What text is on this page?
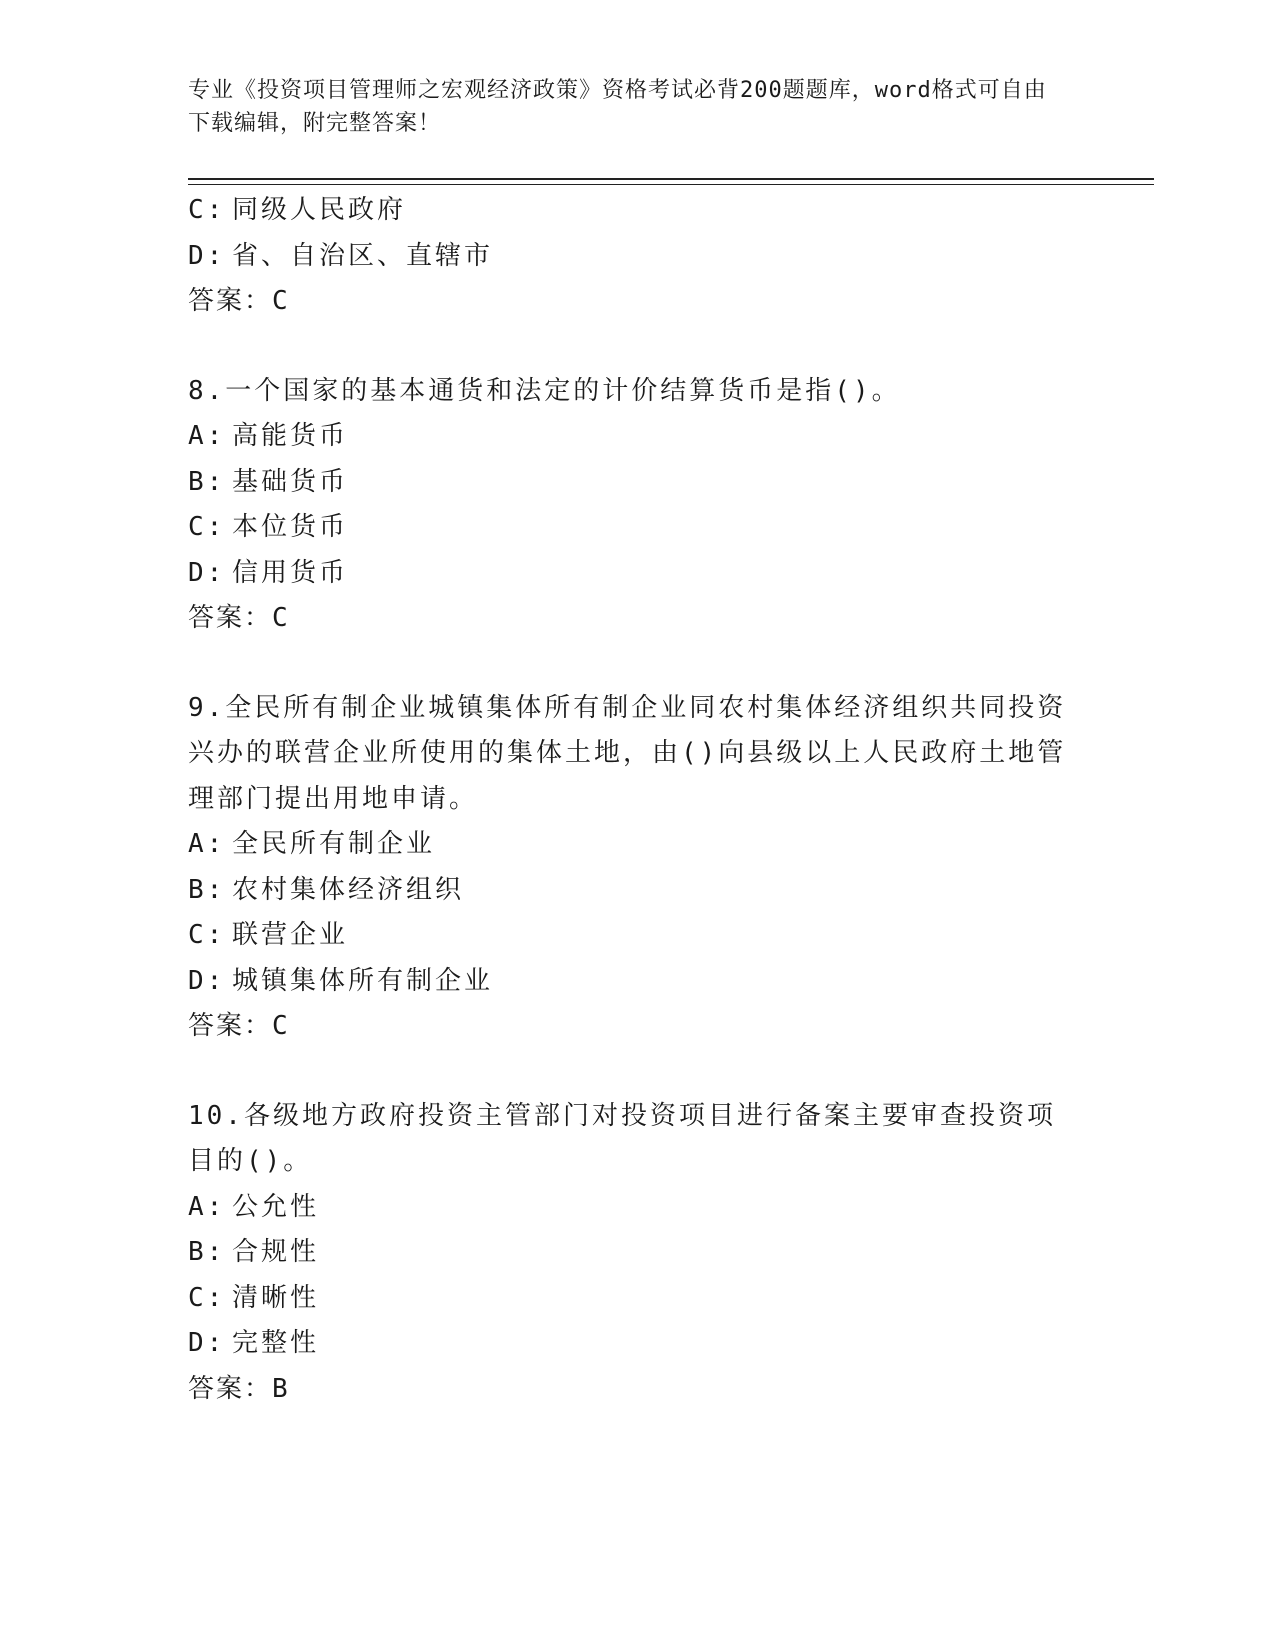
专业《投资项目管理师之宏观经济政策》资格考试必背200题题库，word格式可自由下载编辑，附完整答案！
C: 同级人民政府
D: 省、自治区、直辖市
答案：C
8.一个国家的基本通货和法定的计价结算货币是指()。
A: 高能货币
B: 基础货币
C: 本位货币
D: 信用货币
答案：C
9.全民所有制企业城镇集体所有制企业同农村集体经济组织共同投资兴办的联营企业所使用的集体土地，由()向县级以上人民政府土地管理部门提出用地申请。
A: 全民所有制企业
B: 农村集体经济组织
C: 联营企业
D: 城镇集体所有制企业
答案：C
10.各级地方政府投资主管部门对投资项目进行备案主要审查投资项目的()。
A: 公允性
B: 合规性
C: 清晰性
D: 完整性
答案：B
